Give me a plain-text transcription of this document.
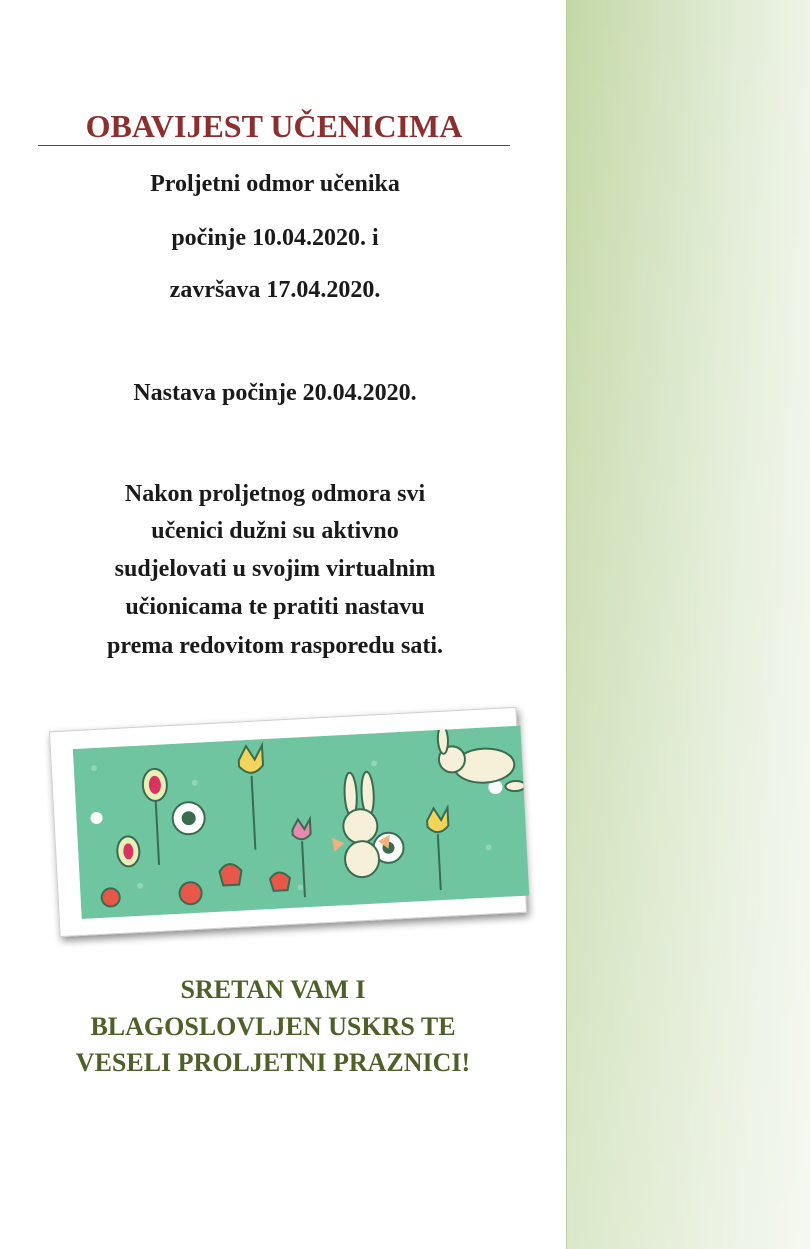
OBAVIJEST UČENICIMA
Proljetni odmor učenika
počinje 10.04.2020. i
završava 17.04.2020.
Nastava počinje 20.04.2020.
Nakon proljetnog odmora svi
učenici dužni su aktivno
sudjelovati u svojim virtualnim
učionicama te pratiti nastavu
prema redovitom rasporedu sati.
SRETAN VAM I
BLAGOSLOVLJEN USKRS TE
VESELI PROLJETNI PRAZNICI!
